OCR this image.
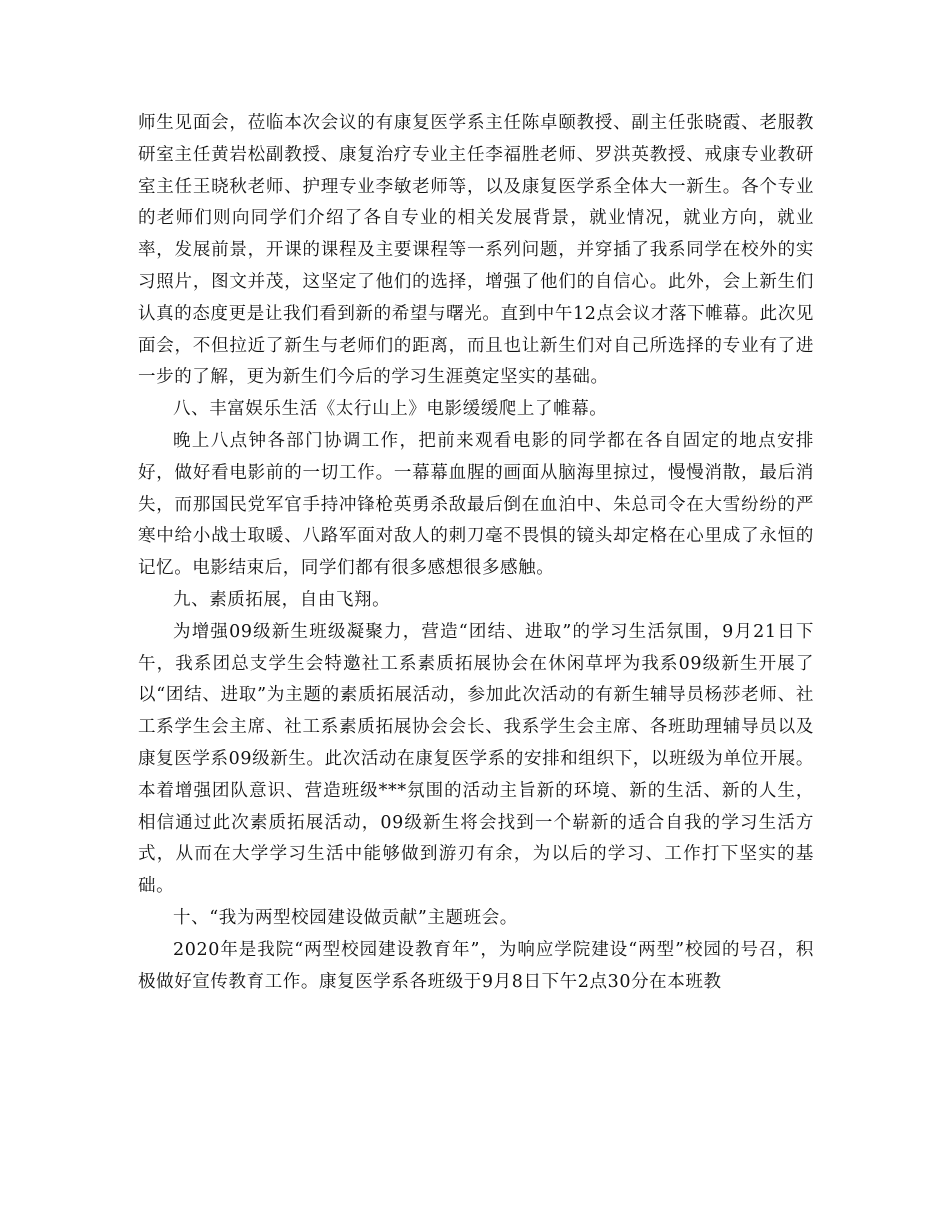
师生见面会，莅临本次会议的有康复医学系主任陈卓颐教授、副主任张晓霞、老服教研室主任黄岩松副教授、康复治疗专业主任李福胜老师、罗洪英教授、戒康专业教研室主任王晓秋老师、护理专业李敏老师等，以及康复医学系全体大一新生。各个专业的老师们则向同学们介绍了各自专业的相关发展背景，就业情况，就业方向，就业率，发展前景，开课的课程及主要课程等一系列问题，并穿插了我系同学在校外的实习照片，图文并茂，这坚定了他们的选择，增强了他们的自信心。此外，会上新生们认真的态度更是让我们看到新的希望与曙光。直到中午12点会议才落下帷幕。此次见面会，不但拉近了新生与老师们的距离，而且也让新生们对自己所选择的专业有了进一步的了解，更为新生们今后的学习生涯奠定坚实的基础。

八、丰富娱乐生活《太行山上》电影缓缓爬上了帷幕。

晚上八点钟各部门协调工作，把前来观看电影的同学都在各自固定的地点安排好，做好看电影前的一切工作。一幕幕血腥的画面从脑海里掠过，慢慢消散，最后消失，而那国民党军官手持冲锋枪英勇杀敌最后倒在血泊中、朱总司令在大雪纷纷的严寒中给小战士取暖、八路军面对敌人的刺刀毫不畏惧的镜头却定格在心里成了永恒的记忆。电影结束后，同学们都有很多感想很多感触。

九、素质拓展，自由飞翔。

为增强09级新生班级凝聚力，营造“团结、进取”的学习生活氛围，9月21日下午，我系团总支学生会特邀社工系素质拓展协会在休闲草坪为我系09级新生开展了以“团结、进取”为主题的素质拓展活动，参加此次活动的有新生辅导员杨莎老师、社工系学生会主席、社工系素质拓展协会会长、我系学生会主席、各班助理辅导员以及康复医学系09级新生。此次活动在康复医学系的安排和组织下，以班级为单位开展。本着增强团队意识、营造班级***氛围的活动主旨新的环境、新的生活、新的人生，相信通过此次素质拓展活动，09级新生将会找到一个崭新的适合自我的学习生活方式，从而在大学学习生活中能够做到游刃有余，为以后的学习、工作打下坚实的基础。

十、“我为两型校园建设做贡献”主题班会。

2020年是我院“两型校园建设教育年”，为响应学院建设“两型”校园的号召，积极做好宣传教育工作。康复医学系各班级于9月8日下午2点30分在本班教
